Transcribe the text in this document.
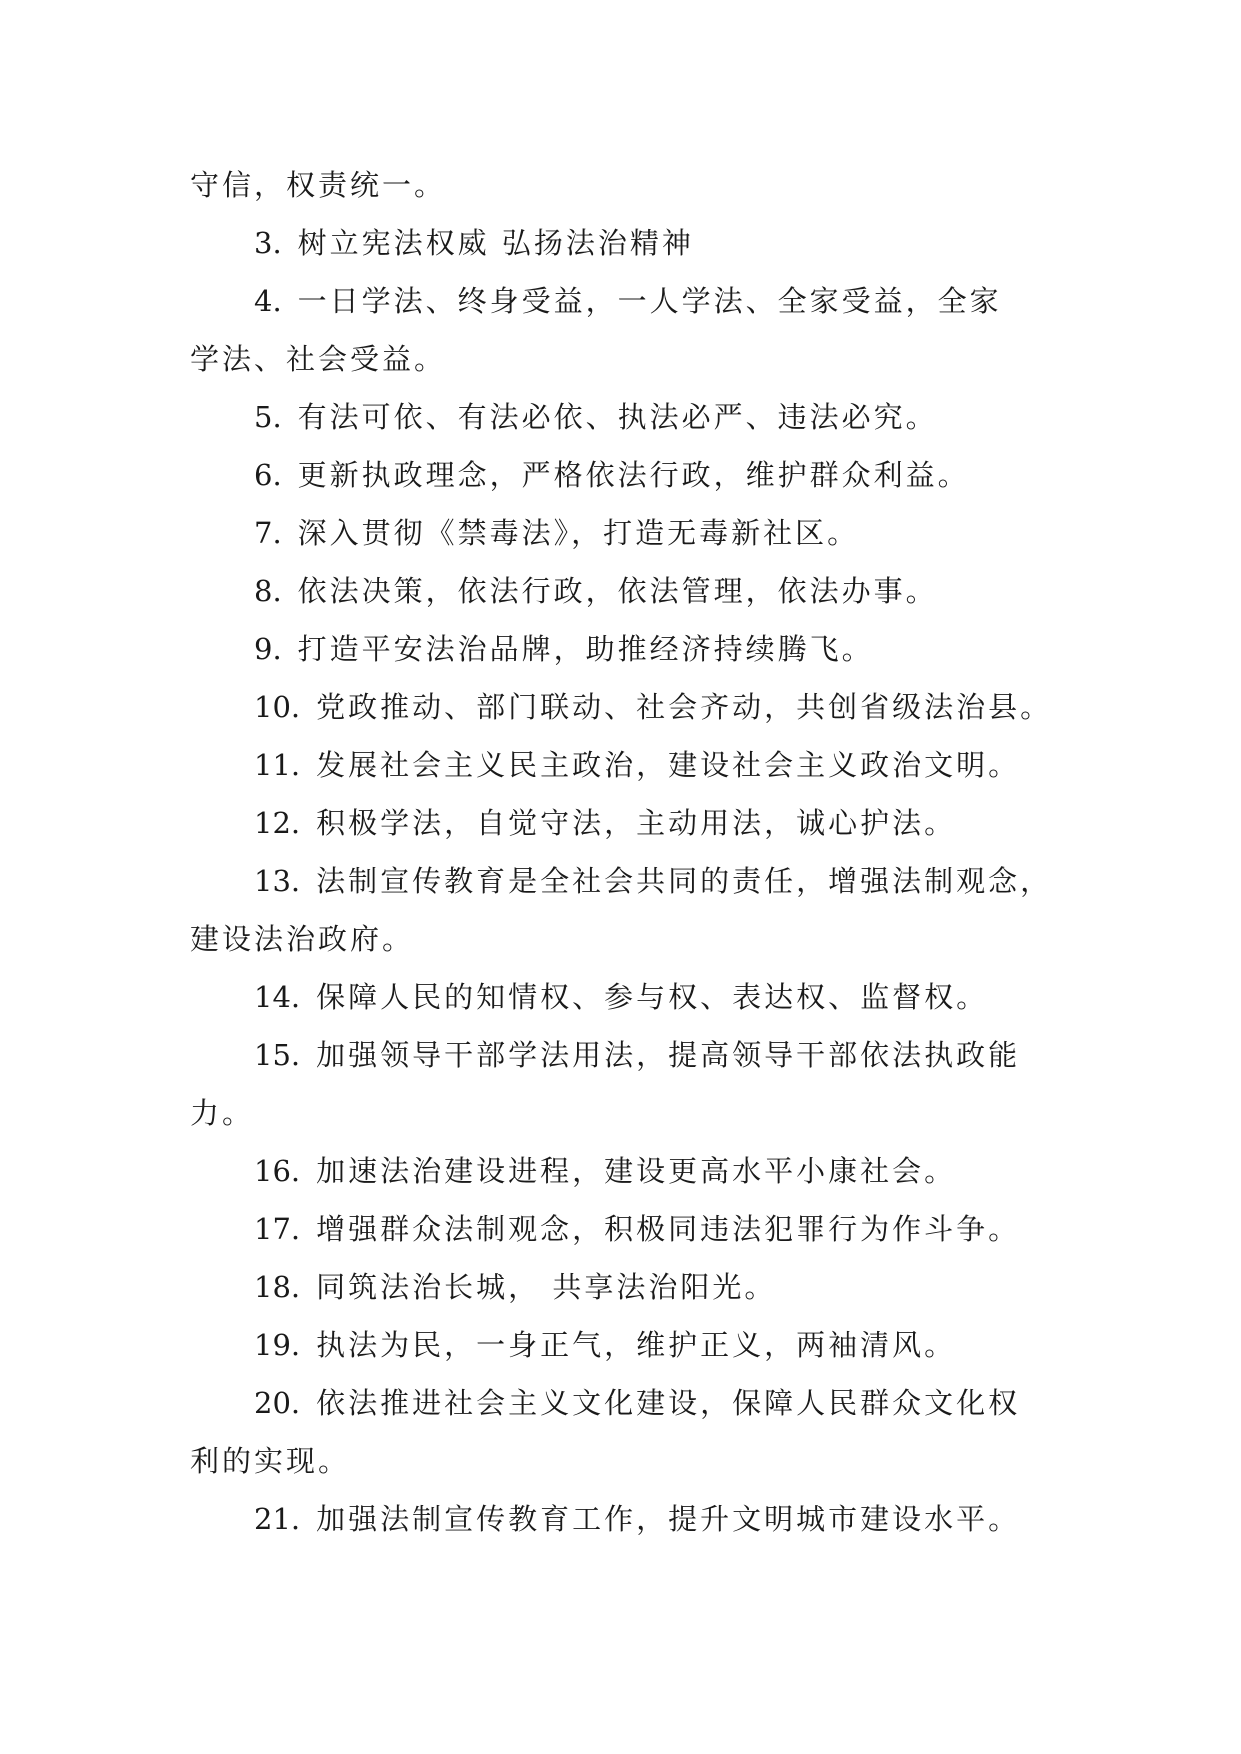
守信，权责统一。

3. 树立宪法权威 弘扬法治精神

4. 一日学法、终身受益，一人学法、全家受益，全家

学法、社会受益。

5. 有法可依、有法必依、执法必严、违法必究。

6. 更新执政理念，严格依法行政，维护群众利益。

7. 深入贯彻《禁毒法》，打造无毒新社区。

8. 依法决策，依法行政，依法管理，依法办事。

9. 打造平安法治品牌，助推经济持续腾飞。

10. 党政推动、部门联动、社会齐动，共创省级法治县。

11. 发展社会主义民主政治，建设社会主义政治文明。

12. 积极学法，自觉守法，主动用法，诚心护法。

13. 法制宣传教育是全社会共同的责任，增强法制观念，

建设法治政府。

14. 保障人民的知情权、参与权、表达权、监督权。

15. 加强领导干部学法用法，提高领导干部依法执政能

力。

16. 加速法治建设进程，建设更高水平小康社会。

17. 增强群众法制观念，积极同违法犯罪行为作斗争。

18. 同筑法治长城， 共享法治阳光。

19. 执法为民，一身正气，维护正义，两袖清风。

20. 依法推进社会主义文化建设，保障人民群众文化权

利的实现。

21. 加强法制宣传教育工作，提升文明城市建设水平。
